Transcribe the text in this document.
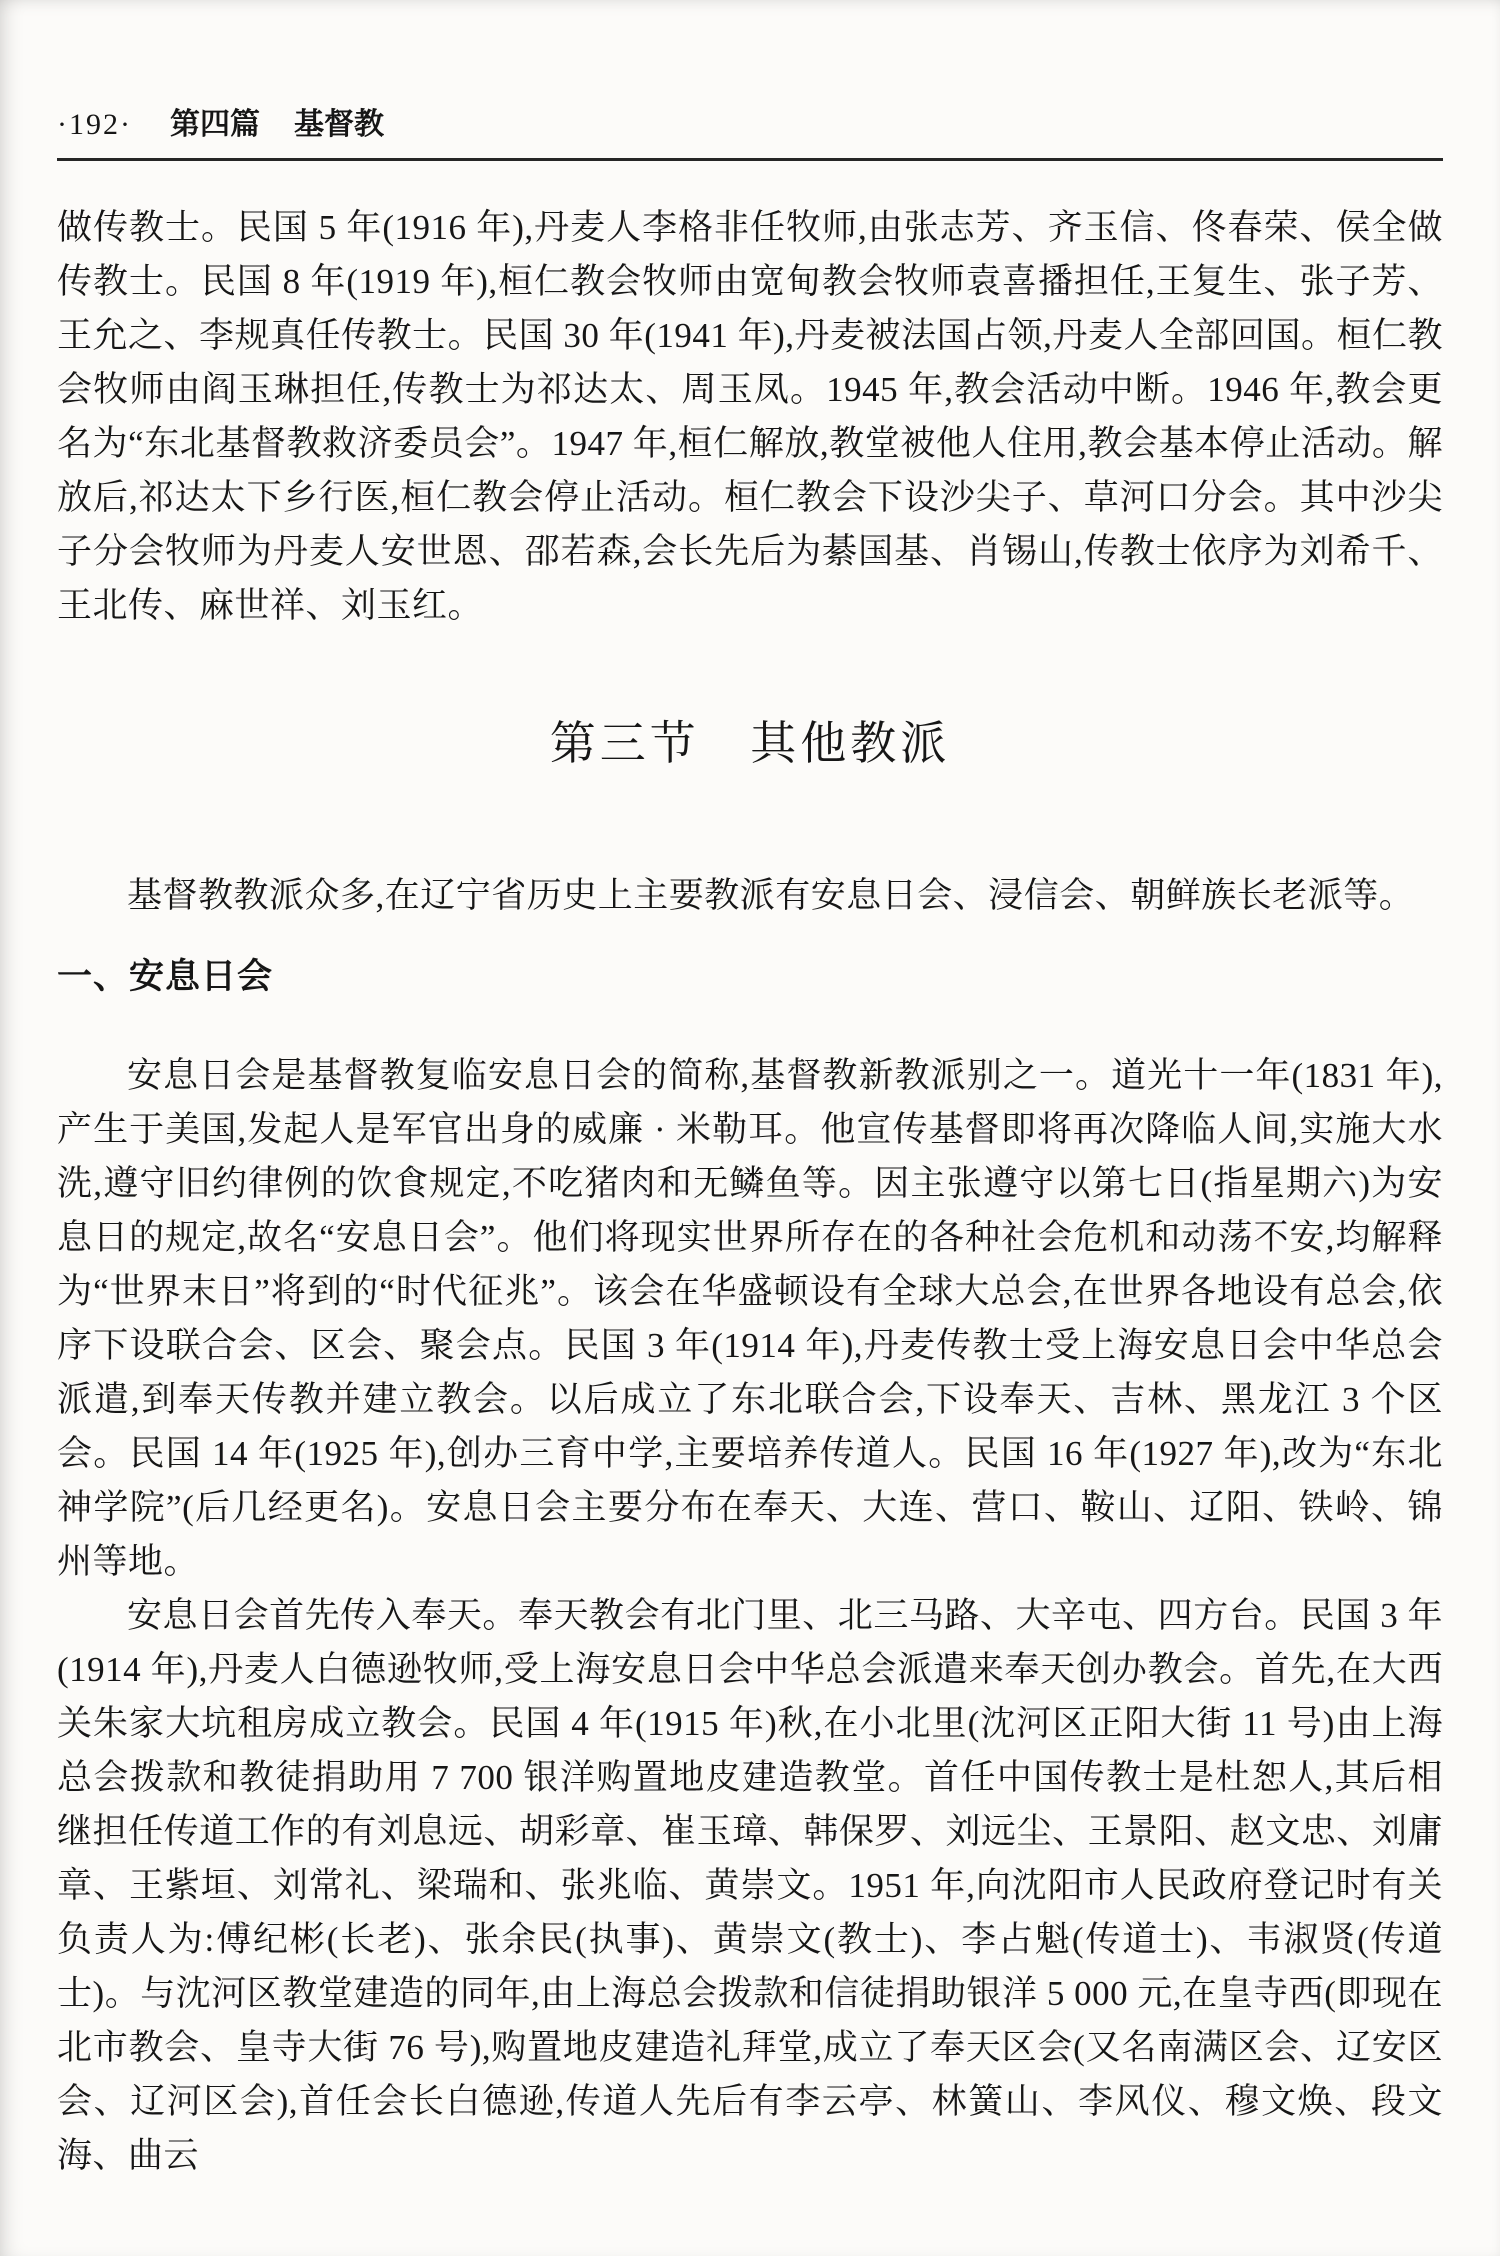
·192· 第四篇 基督教

做传教士。民国 5 年(1916 年),丹麦人李格非任牧师,由张志芳、齐玉信、佟春荣、侯全做传教士。民国 8 年(1919 年),桓仁教会牧师由宽甸教会牧师袁喜播担任,王复生、张子芳、王允之、李规真任传教士。民国 30 年(1941 年),丹麦被法国占领,丹麦人全部回国。桓仁教会牧师由阎玉琳担任,传教士为祁达太、周玉凤。1945 年,教会活动中断。1946 年,教会更名为“东北基督教救济委员会”。1947 年,桓仁解放,教堂被他人住用,教会基本停止活动。解放后,祁达太下乡行医,桓仁教会停止活动。桓仁教会下设沙尖子、草河口分会。其中沙尖子分会牧师为丹麦人安世恩、邵若森,会长先后为綦国基、肖锡山,传教士依序为刘希千、王北传、麻世祥、刘玉红。

第三节 其他教派

基督教教派众多,在辽宁省历史上主要教派有安息日会、浸信会、朝鲜族长老派等。

一、安息日会

安息日会是基督教复临安息日会的简称,基督教新教派别之一。道光十一年(1831 年),产生于美国,发起人是军官出身的威廉 · 米勒耳。他宣传基督即将再次降临人间,实施大水洗,遵守旧约律例的饮食规定,不吃猪肉和无鳞鱼等。因主张遵守以第七日(指星期六)为安息日的规定,故名“安息日会”。他们将现实世界所存在的各种社会危机和动荡不安,均解释为“世界末日”将到的“时代征兆”。该会在华盛顿设有全球大总会,在世界各地设有总会,依序下设联合会、区会、聚会点。民国 3 年(1914 年),丹麦传教士受上海安息日会中华总会派遣,到奉天传教并建立教会。以后成立了东北联合会,下设奉天、吉林、黑龙江 3 个区会。民国 14 年(1925 年),创办三育中学,主要培养传道人。民国 16 年(1927 年),改为“东北神学院”(后几经更名)。安息日会主要分布在奉天、大连、营口、鞍山、辽阳、铁岭、锦州等地。

安息日会首先传入奉天。奉天教会有北门里、北三马路、大辛屯、四方台。民国 3 年(1914 年),丹麦人白德逊牧师,受上海安息日会中华总会派遣来奉天创办教会。首先,在大西关朱家大坑租房成立教会。民国 4 年(1915 年)秋,在小北里(沈河区正阳大街 11 号)由上海总会拨款和教徒捐助用 7 700 银洋购置地皮建造教堂。首任中国传教士是杜恕人,其后相继担任传道工作的有刘息远、胡彩章、崔玉璋、韩保罗、刘远尘、王景阳、赵文忠、刘庸章、王紫垣、刘常礼、梁瑞和、张兆临、黄崇文。1951 年,向沈阳市人民政府登记时有关负责人为:傅纪彬(长老)、张余民(执事)、黄崇文(教士)、李占魁(传道士)、韦淑贤(传道士)。与沈河区教堂建造的同年,由上海总会拨款和信徒捐助银洋 5 000 元,在皇寺西(即现在北市教会、皇寺大街 76 号),购置地皮建造礼拜堂,成立了奉天区会(又名南满区会、辽安区会、辽河区会),首任会长白德逊,传道人先后有李云亭、林簧山、李风仪、穆文焕、段文海、曲云
